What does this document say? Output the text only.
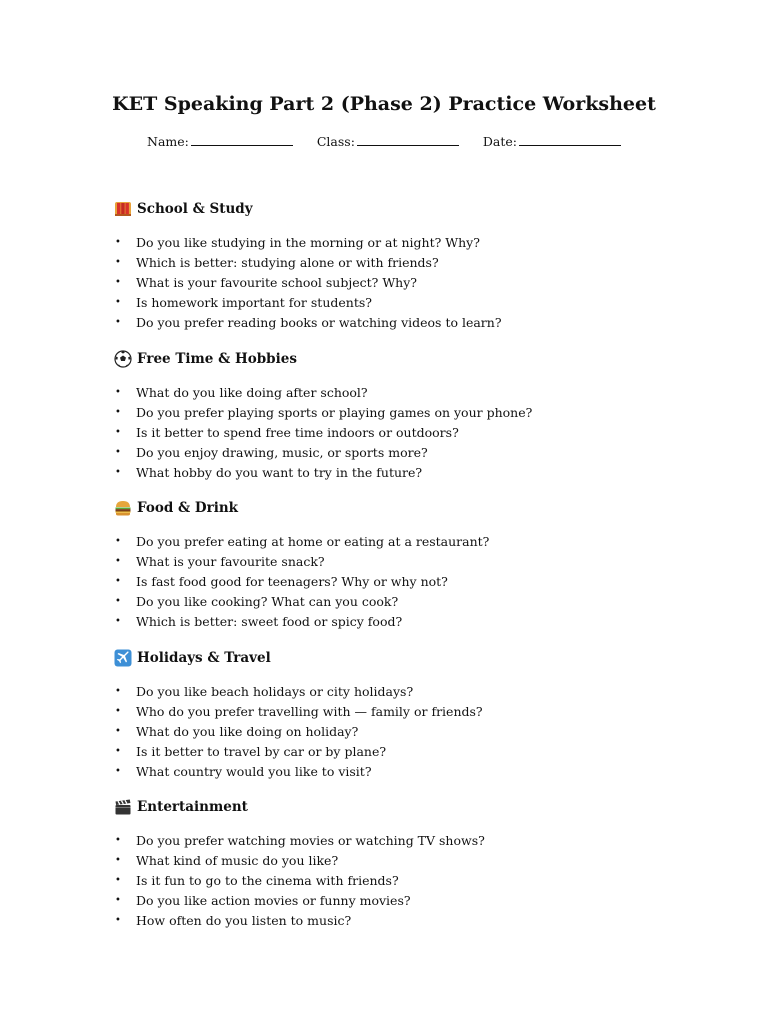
KET Speaking Part 2 (Phase 2) Practice Worksheet
Name:	Class:	Date:
School & Study
• Do you like studying in the morning or at night? Why?
• Which is better: studying alone or with friends?
• What is your favourite school subject? Why?
• Is homework important for students?
• Do you prefer reading books or watching videos to learn?
Free Time & Hobbies
• What do you like doing after school?
• Do you prefer playing sports or playing games on your phone?
• Is it better to spend free time indoors or outdoors?
• Do you enjoy drawing, music, or sports more?
• What hobby do you want to try in the future?
Food & Drink
• Do you prefer eating at home or eating at a restaurant?
• What is your favourite snack?
• Is fast food good for teenagers? Why or why not?
• Do you like cooking? What can you cook?
• Which is better: sweet food or spicy food?
Holidays & Travel
• Do you like beach holidays or city holidays?
• Who do you prefer travelling with — family or friends?
• What do you like doing on holiday?
• Is it better to travel by car or by plane?
• What country would you like to visit?
Entertainment
• Do you prefer watching movies or watching TV shows?
• What kind of music do you like?
• Is it fun to go to the cinema with friends?
• Do you like action movies or funny movies?
• How often do you listen to music?
